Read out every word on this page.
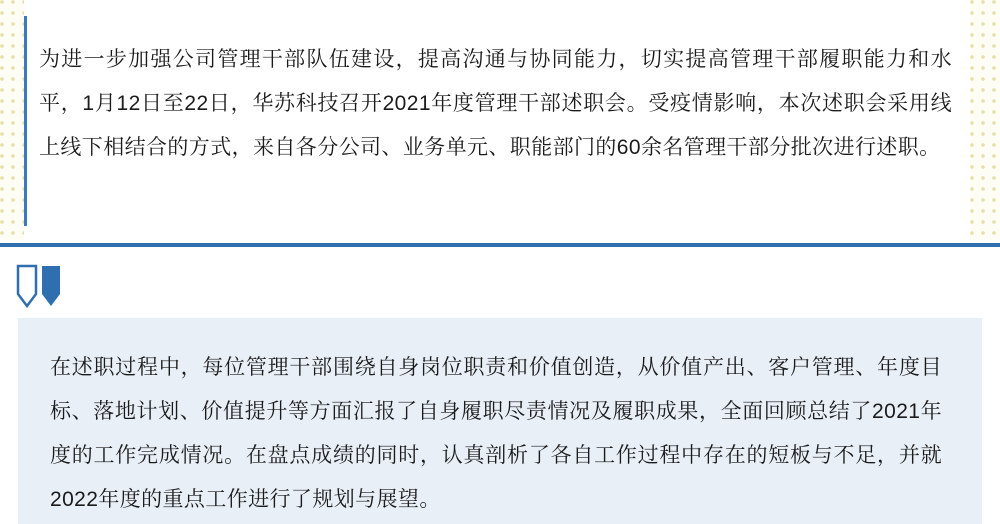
为进一步加强公司管理干部队伍建设，提高沟通与协同能力，切实提高管理干部履职能力和水平，1月12日至22日，华苏科技召开2021年度管理干部述职会。受疫情影响，本次述职会采用线上线下相结合的方式，来自各分公司、业务单元、职能部门的60余名管理干部分批次进行述职。

在述职过程中，每位管理干部围绕自身岗位职责和价值创造，从价值产出、客户管理、年度目标、落地计划、价值提升等方面汇报了自身履职尽责情况及履职成果，全面回顾总结了2021年度的工作完成情况。在盘点成绩的同时，认真剖析了各自工作过程中存在的短板与不足，并就2022年度的重点工作进行了规划与展望。
